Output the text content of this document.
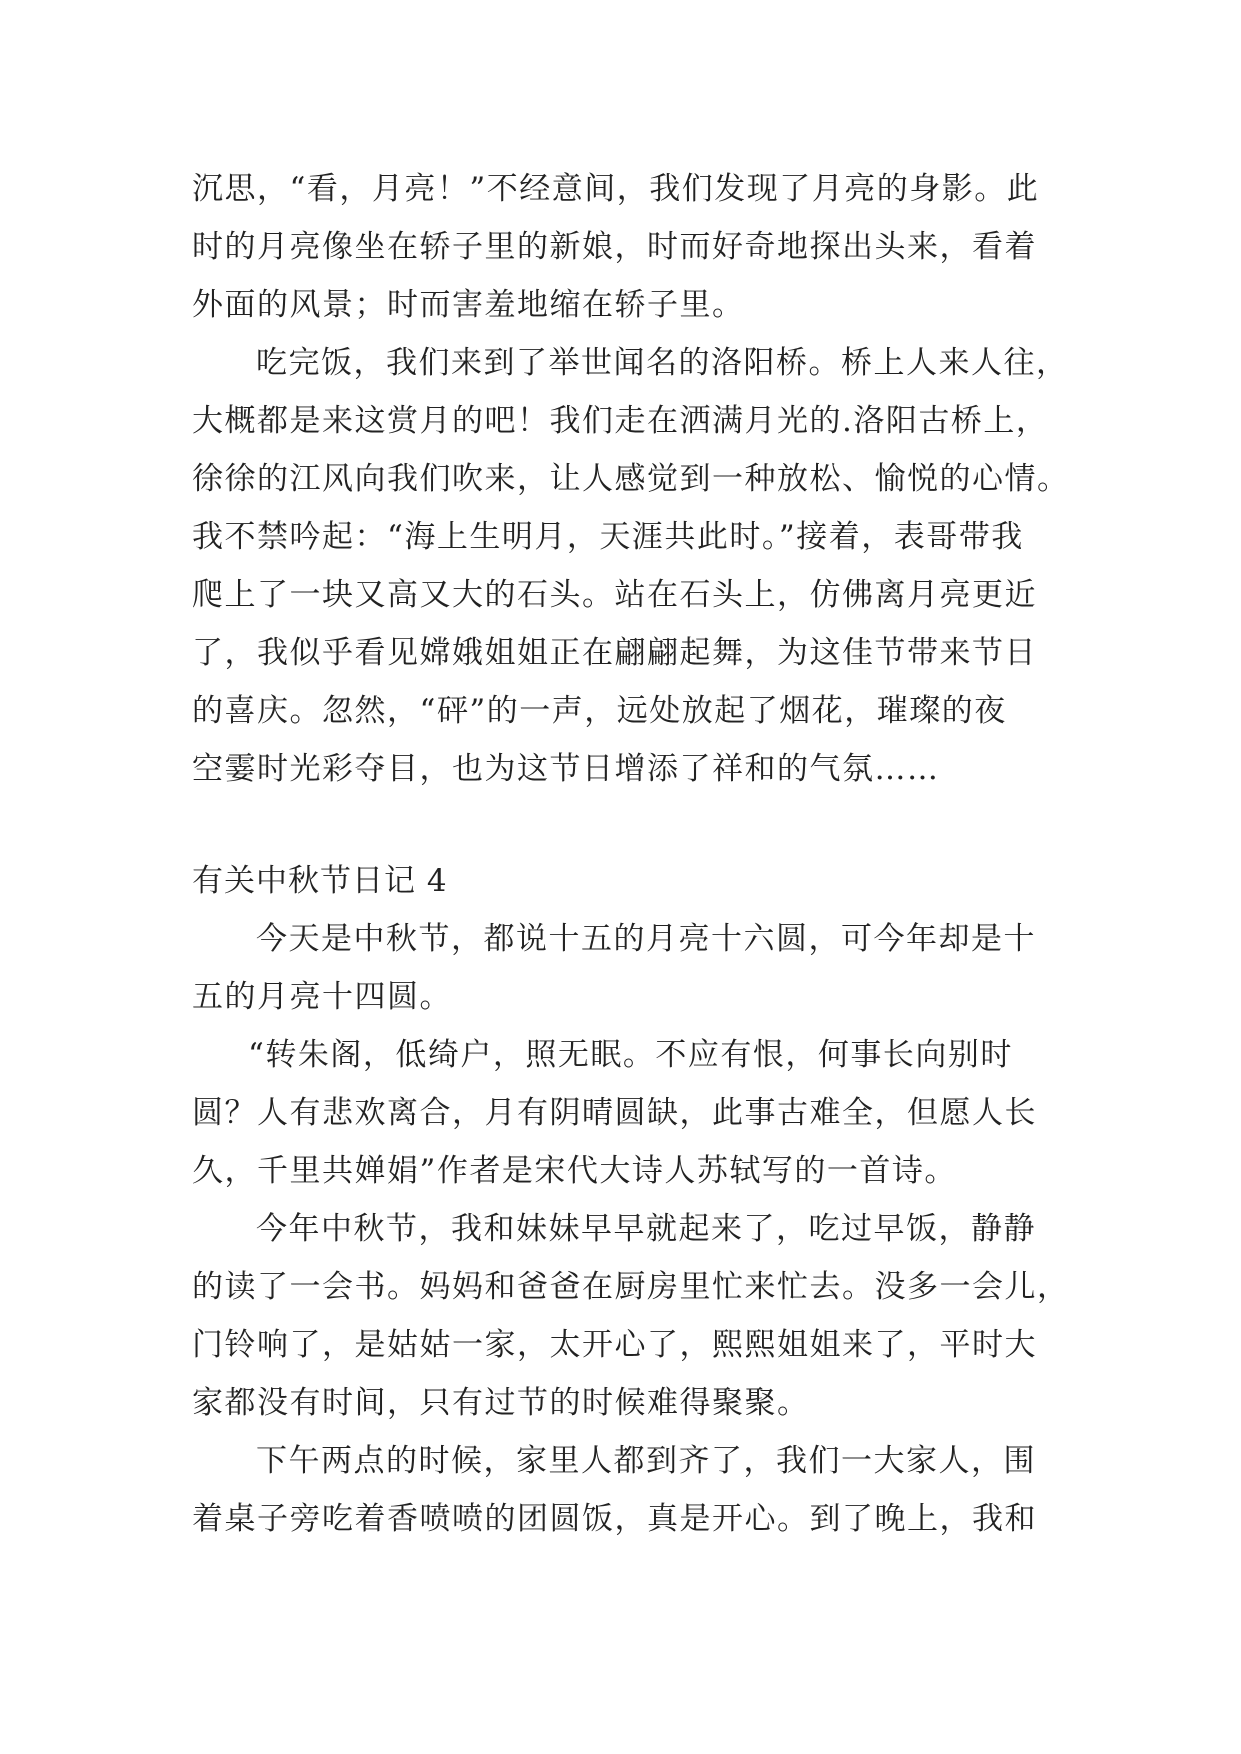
沉思，“看，月亮！”不经意间，我们发现了月亮的身影。此
时的月亮像坐在轿子里的新娘，时而好奇地探出头来，看着
外面的风景；时而害羞地缩在轿子里。
吃完饭，我们来到了举世闻名的洛阳桥。桥上人来人往，
大概都是来这赏月的吧！我们走在洒满月光的.洛阳古桥上，
徐徐的江风向我们吹来，让人感觉到一种放松、愉悦的心情。
我不禁吟起：“海上生明月，天涯共此时。”接着，表哥带我
爬上了一块又高又大的石头。站在石头上，仿佛离月亮更近
了，我似乎看见嫦娥姐姐正在翩翩起舞，为这佳节带来节日
的喜庆。忽然，“砰”的一声，远处放起了烟花，璀璨的夜
空霎时光彩夺目，也为这节日增添了祥和的气氛……
有关中秋节日记 4
今天是中秋节，都说十五的月亮十六圆，可今年却是十
五的月亮十四圆。
“转朱阁，低绮户，照无眠。不应有恨，何事长向别时
圆？人有悲欢离合，月有阴晴圆缺，此事古难全，但愿人长
久，千里共婵娟”作者是宋代大诗人苏轼写的一首诗。
今年中秋节，我和妹妹早早就起来了，吃过早饭，静静
的读了一会书。妈妈和爸爸在厨房里忙来忙去。没多一会儿，
门铃响了，是姑姑一家，太开心了，熙熙姐姐来了，平时大
家都没有时间，只有过节的时候难得聚聚。
下午两点的时候，家里人都到齐了，我们一大家人，围
着桌子旁吃着香喷喷的团圆饭，真是开心。到了晚上，我和
